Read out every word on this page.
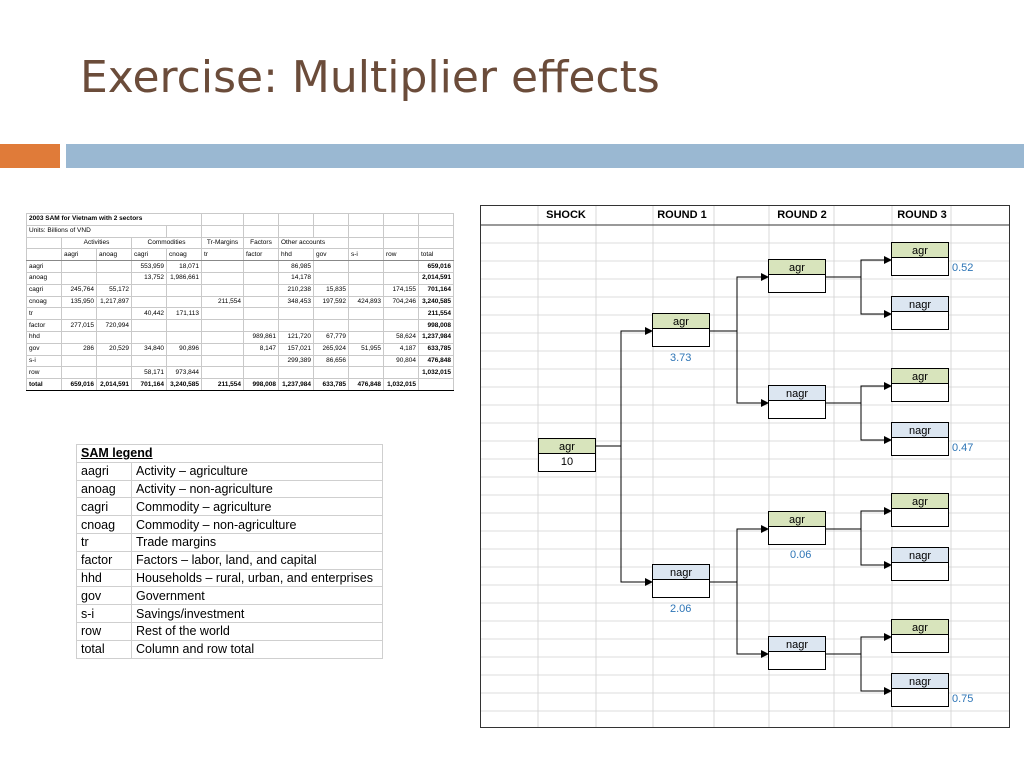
Exercise: Multiplier effects
2003 SAM for Vietnam with 2 sectors											
Units: Billions of VND											
	Activities		Commodities		Tr-Margins	Factors	Other accounts				
	aagri	anoag	cagri	cnoag	tr	factor	hhd	gov	s-i	row	total
aagri			553,959	18,071			86,985				659,016
anoag			13,752	1,986,661			14,178				2,014,591
cagri	245,764	55,172					210,238	15,835		174,155	701,164
cnoag	135,950	1,217,897			211,554		348,453	197,592	424,893	704,246	3,240,585
tr			40,442	171,113							211,554
factor	277,015	720,994									998,008
hhd						989,861	121,720	67,779		58,624	1,237,984
gov	286	20,529	34,840	90,896		8,147	157,021	265,924	51,955	4,187	633,785
s-i							299,389	86,656		90,804	476,848
row			58,171	973,844							1,032,015
total	659,016	2,014,591	701,164	3,240,585	211,554	998,008	1,237,984	633,785	476,848	1,032,015	
SAM legend	
aagri	Activity – agriculture
anoag	Activity – non-agriculture
cagri	Commodity – agriculture
cnoag	Commodity – non-agriculture
tr	Trade margins
factor	Factors – labor, land, and capital
hhd	Households – rural, urban, and enterprises
gov	Government
s-i	Savings/investment
row	Rest of the world
total	Column and row total
SHOCK	ROUND 1	ROUND 2	ROUND 3
agr
10
agr
3.73
nagr
2.06
agr
nagr
agr
0.06
nagr
agr
0.52
nagr
agr
nagr
0.47
agr
nagr
agr
nagr
0.75
